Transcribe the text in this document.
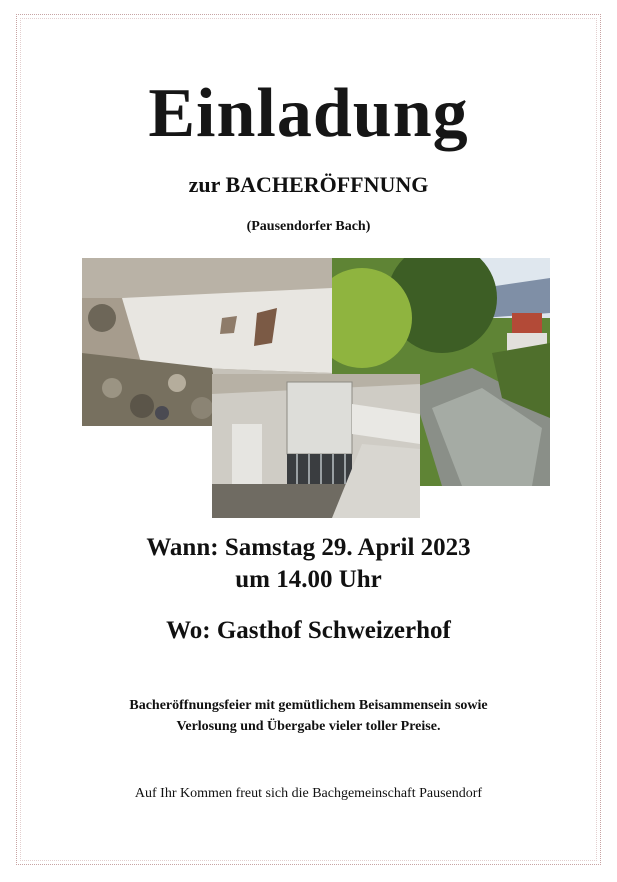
Einladung
zur BACHERÖFFNUNG
(Pausendorfer Bach)
Wann: Samstag 29. April 2023
um 14.00 Uhr
Wo: Gasthof Schweizerhof
Bacheröffnungsfeier mit gemütlichem Beisammensein sowie
Verlosung und Übergabe vieler toller Preise.
Auf Ihr Kommen freut sich die Bachgemeinschaft Pausendorf
